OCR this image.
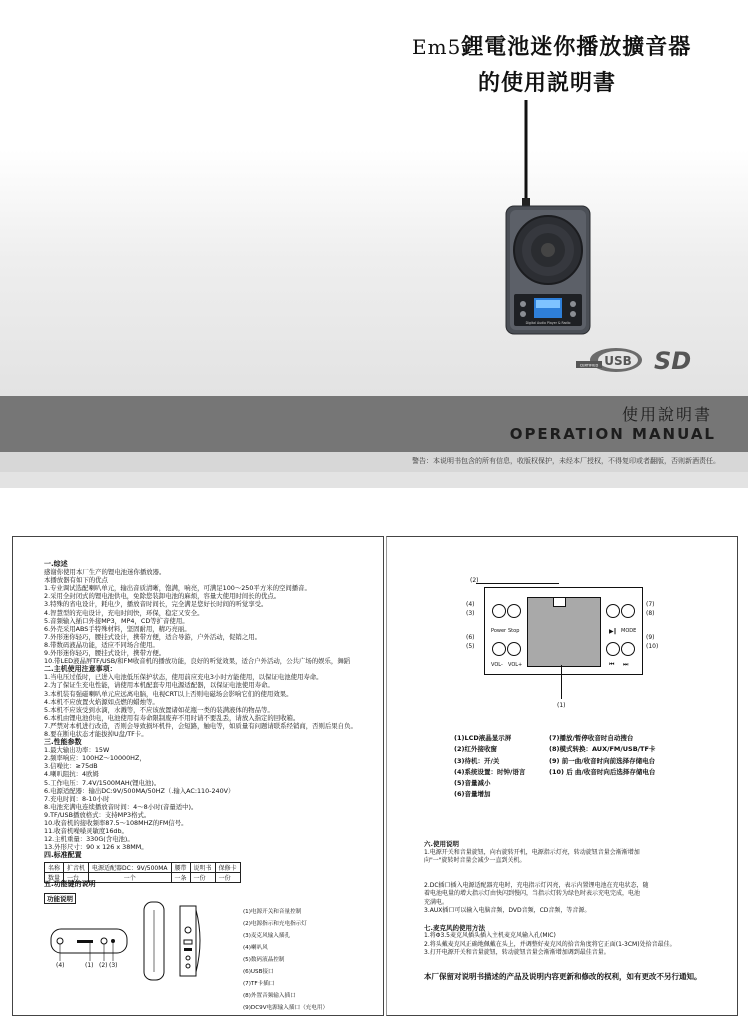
Em5鋰電池迷你播放擴音器
的使用説明書
Digital Audio Player & Radio
CERTIFIED USB SD
使用說明書
OPERATION MANUAL
警告：本说明书包含的所有信息，收版权保护，未经本厂授权，不得复印或者翻版，否则新酒责任。
一.综述
感谢你使用本厂生产的锂电池迷你播放器。
本播放器有如下的优点
1.专业调试选配喇叭单元，输出音质清晰，饱满，响亮，可满足100～250平方米的空间播音。
2.采用全封闭式的锂电池供电，免除您装卸电池的麻烦，容量大使用时间长的优点。
3.特殊的省电设计，耗电少，播放音时间长，完全满足您好长时间的听觉享受。
4.智慧型的充电设计，充电时间快，环保，稳定又安全。
5.音频输入插口外接MP3，MP4，CD等扩音使用。
6.外壳采用ABS手特殊材料，坚固耐用，精巧亮丽。
7.外形迷你轻巧，腰挂式设计，携带方便，适合导游，户外活动，促销之用。
8.带数码液晶功能，适应不同场合使用。
9.外形迷你轻巧，腰挂式设计，携带方便。
10.带LED液晶屏TF/USB/和FM收音机的播放功能，良好的听觉效果，适合户外活动，公共广场的娱乐，舞蹈
二.主机使用注意事项：
1.当电压过低时，已进入电池低压保护状态，使用前应充电3小时方能使用，以保证电池使用寿命。
2.为了保证生充电性能，请使用本机配套专用电源适配器，以保证电池使用寿命。
3.本机装有强磁喇叭单元应远离电脑，电视CRT以上否则电磁场会影响它们的使用效果。
4.本机不应放置火焰源如点燃的蜡烛等。
5.本机不应该受到水滴，水溅等，不应该放置诸如花瓶一类的装满液体的物品等。
6.本机由锂电池供电，电池使用有寿命限制废弃不用时请不要乱丢，请放入指定的回收箱。
7.严禁对本机进行改造，否则会导致损坏机件，会短路，触电等，如质量有问题请联系经销商，否则后果自负。
8.要在断电状态才能拔掉U盘/TF卡。
三.性能参数
1.最大输出功率：15W
2.频率响应：100HZ～10000HZ，
3.信噪比：≥75dB
4.喇叭阻抗：4欧姆
5.工作电压：7.4V/1500MAH(锂电池)。
6.电源适配器：输出DC:9V/500MA/50HZ（.输入AC:110-240V）
7.充电时间：8-10小时
8.电池充满电连续播放音时间：4～8小时(音量适中)。
9.TF/USB播放格式：支持MP3格式。
10.收音机的接收频率87.5～108MHZ的FM信号。
11.收音机噪嗓灵敏度16db。
12.主机重量：330G(含电池)。
13.外形尺寸：90 x 126 x 38MM。
四.标准配置
名称	扩音机	电源适配器DC：9V/500MA	腰带	说明书	保修卡
数量	一台	一个	一条	一份	一份
五.功能键的说明
功能说明
(4)	(1) (2) (3)
(1)电源开关和音量控制
(2)电源指示和充电指示灯
(3)麦克风输入插孔
(4)喇叭风
(5)数码液晶控制
(6)USB接口
(7)TF卡插口
(8)外置音频输入插口
(9)DC9V电源输入插口（充电用）
Power Stop
VOL- VOL+
▶‖ MODE
⏮ ⏭
(2)
(4)
(3)
(6)
(5)
(7)
(8)
(9)
(10)
(1)
(1)LCD液晶显示屏
(2)红外接收窗
(3)待机：开/关
(4)系统设置：时钟/语言
(5)音量减小
(6)音量增加
(7)播放/暂停收音时自动搜台
(8)模式转换：AUX/FM/USB/TF卡
(9) 前一曲/收音时向前选择存储电台
(10) 后 曲/收音时向后选择存储电台
六.使用说明
1.电源开关和音量旋钮，向右旋转开机，电源指示灯亮，转动旋钮音量会渐渐增加
向"一"旋转时音量会减少一直到关机。
2.DC插口插入电源适配器充电时，充电指示灯闪亮，表示内置锂电池在充电状态，随
着电池电量的增大指示灯由快闪到慢闪，当指示灯转为绿色时表示充电完成，电池
充满电。
3.AUX插口可以输入电脑音频，DVD音频，CD音频，等音源。
七.麦克风的使用方法
1.将Φ3.5麦克风插头插入主机麦克风输入孔(MIC)
2.将头戴麦克风正确地佩戴在头上，并调整好麦克风的拾音角度将它正面(1-3CM)处拾音最佳。
3.打开电源开关和音量旋钮，转动旋钮音量会渐渐增加调到最佳音量。
本厂保留对说明书描述的产品及说明内容更新和修改的权利，如有更改不另行通知。
